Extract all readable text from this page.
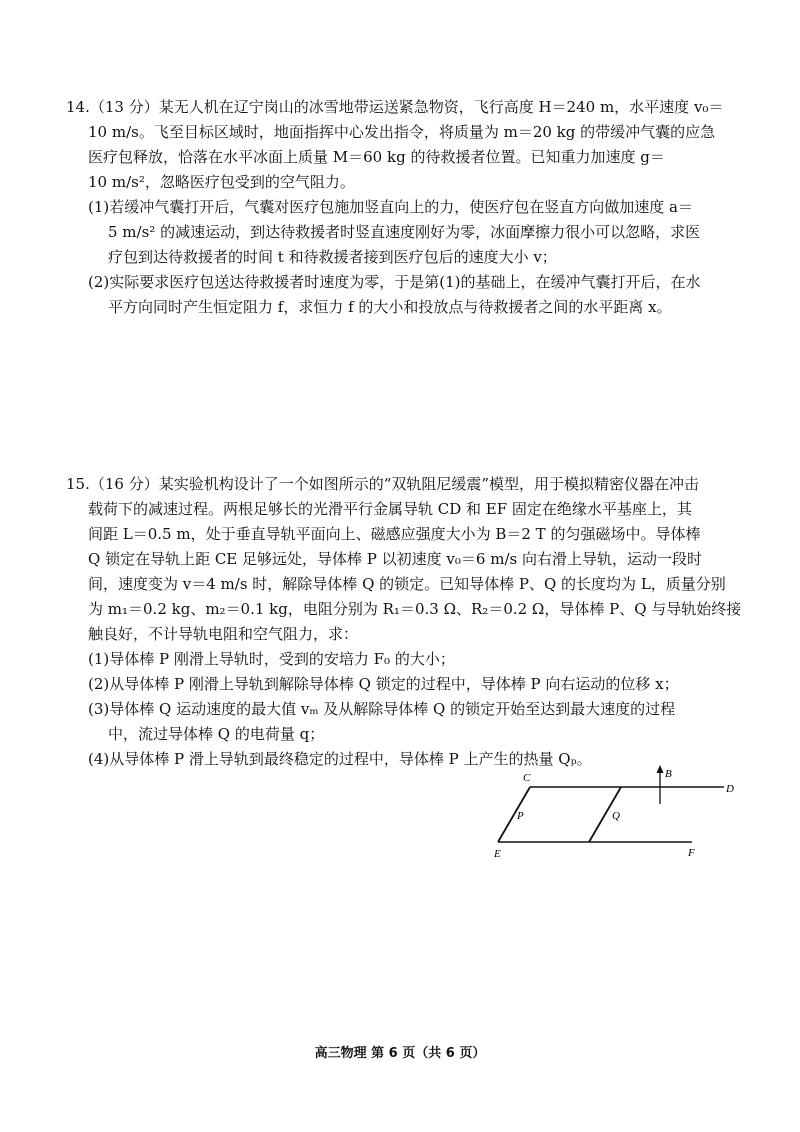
14.（13 分）某无人机在辽宁岗山的冰雪地带运送紧急物资，飞行高度 H＝240 m，水平速度 v₀＝
10 m/s。飞至目标区域时，地面指挥中心发出指令，将质量为 m＝20 kg 的带缓冲气囊的应急
医疗包释放，恰落在水平冰面上质量 M＝60 kg 的待救援者位置。已知重力加速度 g＝
10 m/s²，忽略医疗包受到的空气阻力。
(1)若缓冲气囊打开后，气囊对医疗包施加竖直向上的力，使医疗包在竖直方向做加速度 a＝
5 m/s² 的减速运动，到达待救援者时竖直速度刚好为零，冰面摩擦力很小可以忽略，求医
疗包到达待救援者的时间 t 和待救援者接到医疗包后的速度大小 v；
(2)实际要求医疗包送达待救援者时速度为零，于是第(1)的基础上，在缓冲气囊打开后，在水
平方向同时产生恒定阻力 f，求恒力 f 的大小和投放点与待救援者之间的水平距离 x。
15.（16 分）某实验机构设计了一个如图所示的“双轨阻尼缓震”模型，用于模拟精密仪器在冲击
载荷下的减速过程。两根足够长的光滑平行金属导轨 CD 和 EF 固定在绝缘水平基座上，其
间距 L＝0.5 m，处于垂直导轨平面向上、磁感应强度大小为 B＝2 T 的匀强磁场中。导体棒
Q 锁定在导轨上距 CE 足够远处，导体棒 P 以初速度 v₀＝6 m/s 向右滑上导轨，运动一段时
间，速度变为 v＝4 m/s 时，解除导体棒 Q 的锁定。已知导体棒 P、Q 的长度均为 L，质量分别
为 m₁＝0.2 kg、m₂＝0.1 kg，电阻分别为 R₁＝0.3 Ω、R₂＝0.2 Ω，导体棒 P、Q 与导轨始终接
触良好，不计导轨电阻和空气阻力，求：
(1)导体棒 P 刚滑上导轨时，受到的安培力 F₀ 的大小；
(2)从导体棒 P 刚滑上导轨到解除导体棒 Q 锁定的过程中，导体棒 P 向右运动的位移 x；
(3)导体棒 Q 运动速度的最大值 vₘ 及从解除导体棒 Q 的锁定开始至达到最大速度的过程
中，流过导体棒 Q 的电荷量 q；
(4)从导体棒 P 滑上导轨到最终稳定的过程中，导体棒 P 上产生的热量 Qₚ。
C
D
E	F
P	Q
B
高三物理 第 6 页（共 6 页）
